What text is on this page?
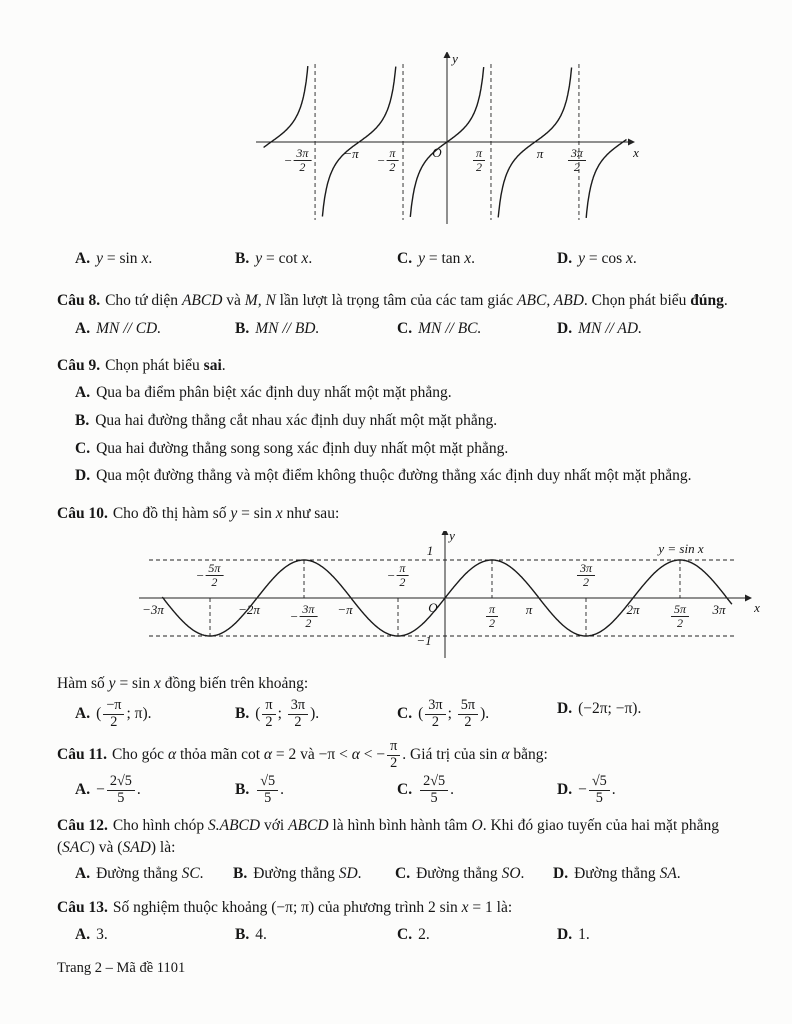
− $\frac{3\pi}{2} -\pi - \frac{\pi}{2}$	$\frac{\pi}{2}$	π $\frac{3\pi}{2}$
O	x
y
A. y = sin x.	B. y = cot x.	C. y = tan x.	D. y = cos x.

Câu 8. Cho tứ diện ABCD và M, N lần lượt là trọng tâm của các tam giác ABC, ABD. Chọn phát biểu đúng.

A. MN // CD.	B. MN // BD.	C. MN // BC.	D. MN // AD.

Câu 9. Chọn phát biểu sai.

A. Qua ba điểm phân biệt xác định duy nhất một mặt phẳng.

B. Qua hai đường thẳng cắt nhau xác định duy nhất một mặt phẳng.

C. Qua hai đường thẳng song song xác định duy nhất một mặt phẳng.

D. Qua một đường thẳng và một điểm không thuộc đường thẳng xác định duy nhất một mặt phẳng.

Câu 10. Cho đồ thị hàm số y = sin x như sau:

−3π	$-2\pi - \frac{3\pi}{2} -\pi$	$\frac{\pi}{2}$ π	2π	$\frac{5\pi}{2} 3\pi$
− $\frac{5\pi}{2}$	− $\frac{\pi}{2}$	$\frac{3\pi}{2}$
O	x
y
1
−1
y = sin x

Hàm số y = sin x đồng biến trên khoảng:

A. ( $\frac{-\pi}{2}$ ; π).	B. ( $\frac{\pi}{2}$ ; $\frac{3\pi}{2}$ ).	C. ( $\frac{3\pi}{2}$ ; $\frac{5\pi}{2}$ ).	D. (−2π; −π).

Câu 11. Cho góc α thỏa mãn cot α = 2 và −π < α < − $\frac{\pi}{2}$ . Giá trị của sin α bằng:

A. − $\frac{2√5}{5}$ .	B. $\frac{√5}{5}$ .	C. $\frac{2√5}{5}$ .	D. − $\frac{√5}{5}$ .

Câu 12. Cho hình chóp S.ABCD với ABCD là hình bình hành tâm O. Khi đó giao tuyến của hai mặt phẳng (SAC) và (SAD) là:

A. Đường thẳng SC.	B. Đường thẳng SD.	C. Đường thẳng SO.	D. Đường thẳng SA.

Câu 13. Số nghiệm thuộc khoảng (−π; π) của phương trình 2 sin x = 1 là:

A. 3.	B. 4.	C. 2.	D. 1.

Trang 2 – Mã đề 1101
